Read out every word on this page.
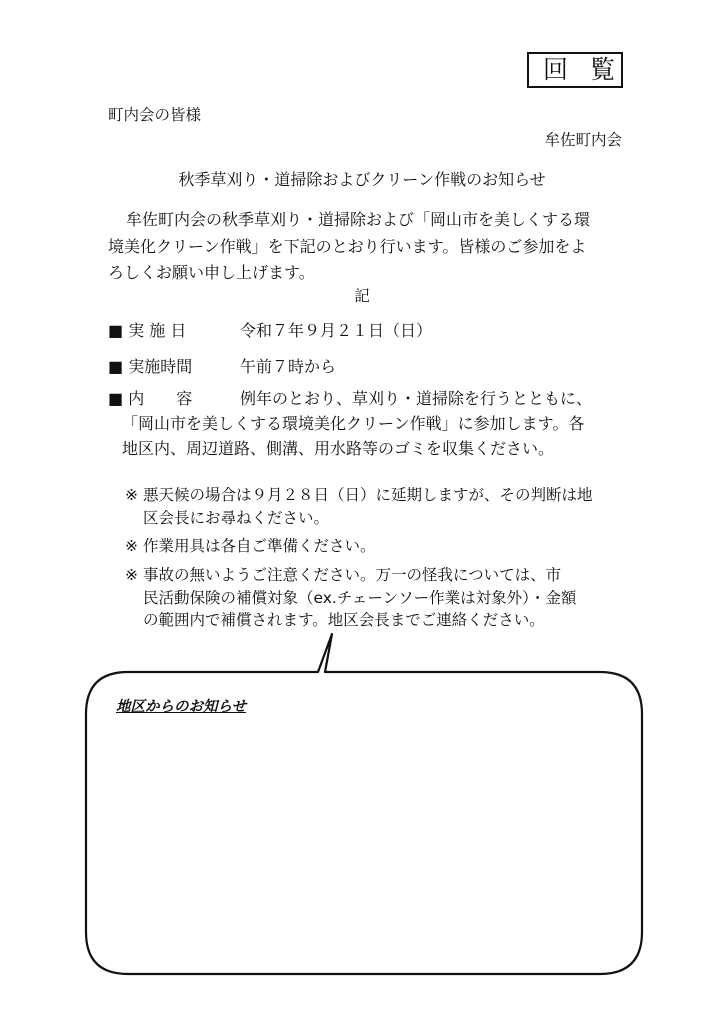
回覧
町内会の皆様
牟佐町内会
秋季草刈り・道掃除およびクリーン作戦のお知らせ
牟佐町内会の秋季草刈り・道掃除および「岡山市を美しくする環
境美化クリーン作戦」を下記のとおり行います。皆様のご参加をよ
ろしくお願い申し上げます。
記
■ 実 施 日	令和７年９月２１日（日）
■ 実施時間	午前７時から
■ 内　　容	例年のとおり、草刈り・道掃除を行うとともに、
「岡山市を美しくする環境美化クリーン作戦」に参加します。各
地区内、周辺道路、側溝、用水路等のゴミを収集ください。
※ 悪天候の場合は９月２８日（日）に延期しますが、その判断は地
区会長にお尋ねください。
※ 作業用具は各自ご準備ください。
※ 事故の無いようご注意ください。万一の怪我については、市
民活動保険の補償対象（ex.チェーンソー作業は対象外）・金額
の範囲内で補償されます。地区会長までご連絡ください。
地区からのお知らせ
